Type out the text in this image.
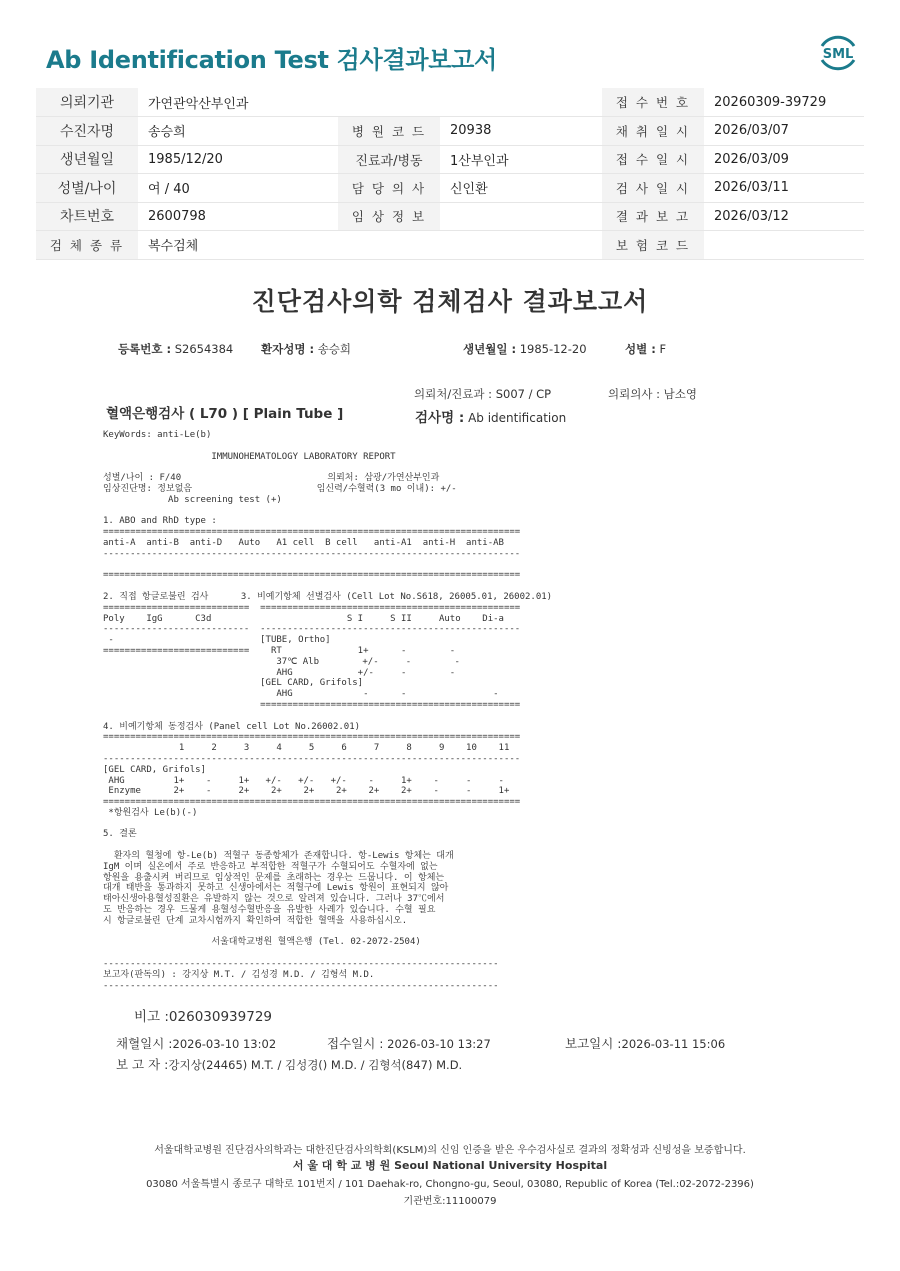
Ab Identification Test 검사결과보고서	SML
의뢰기관	가연관악산부인과			접 수 번 호	20260309-39729
수진자명	송승희	병 원 코 드	20938	채 취 일 시	2026/03/07
생년월일	1985/12/20	진료과/병동	1산부인과	접 수 일 시	2026/03/09
성별/나이	여 / 40	담 당 의 사	신인환	검 사 일 시	2026/03/11
차트번호	2600798	임 상 정 보		결 과 보 고	2026/03/12
검 체 종 류	복수검체			보 험 코 드	
진단검사의학 검체검사 결과보고서
등록번호 : S2654384 환자성명 : 송승희	생년월일 : 1985-12-20	성별 : F
의뢰처/진료과 : S007 / CP	의뢰의사 : 남소영
혈액은행검사 ( L70 ) [ Plain Tube ]	검사명 : Ab identification
KeyWords: anti-Le(b)

IMMUNOHEMATOLOGY LABORATORY REPORT

성별/나이 : F/40                           의뢰처: 삼광/가연산부인과
임상진단명: 정보없음                       임신력/수혈력(3 mo 이내): +/-
Ab screening test (+)

1. ABO and RhD type :
=============================================================================
anti-A  anti-B  anti-D   Auto   A1 cell  B cell   anti-A1  anti-H  anti-AB
-----------------------------------------------------------------------------

=============================================================================

2. 직접 항글로불린 검사      3. 비예기항체 선별검사 (Cell Lot No.S618, 26005.01, 26002.01)
===========================  ================================================
Poly    IgG      C3d                         S I     S II     Auto    Di-a
---------------------------  ------------------------------------------------
-                           [TUBE, Ortho]
===========================    RT              1+      -        -
37℃ Alb        +/-     -        -
AHG            +/-     -        -
[GEL CARD, Grifols]
AHG             -      -                -
================================================

4. 비예기항체 동정검사 (Panel cell Lot No.26002.01)
=============================================================================
1     2     3     4     5     6     7     8     9    10    11
-----------------------------------------------------------------------------
[GEL CARD, Grifols]
AHG         1+    -     1+   +/-   +/-   +/-    -     1+    -     -     -
Enzyme      2+    -     2+    2+    2+    2+    2+    2+    -     -     1+
=============================================================================
*항원검사 Le(b)(-)

5. 결론

환자의 혈청에 항-Le(b) 적혈구 동종항체가 존재합니다. 항-Lewis 항체는 대개
IgM 이며 실온에서 주로 반응하고 부적합한 적혈구가 수혈되어도 수혈자에 없는
항원을 용출시켜 버리므로 임상적인 문제를 초래하는 경우는 드뭅니다. 이 항체는
대개 태반을 통과하지 못하고 신생아에서는 적혈구에 Lewis 항원이 표현되지 않아
태아신생아용혈성질환은 유발하지 않는 것으로 알려져 있습니다. 그러나 37℃에서
도 반응하는 경우 드물게 용혈성수혈반응을 유발한 사례가 있습니다. 수혈 필요
시 항글로불린 단계 교차시험까지 확인하여 적합한 혈액을 사용하십시오.

서울대학교병원 혈액은행 (Tel. 02-2072-2504)

-------------------------------------------------------------------------
보고자(판독의) : 강지상 M.T. / 김성경 M.D. / 김형석 M.D.
-------------------------------------------------------------------------
비고 :026030939729
채혈일시 :2026-03-10 13:02	접수일시 : 2026-03-10 13:27	보고일시 :2026-03-11 15:06
보 고 자 :강지상(24465) M.T. / 김성경() M.D. / 김형석(847) M.D.
서울대학교병원 진단검사의학과는 대한진단검사의학회(KSLM)의 신임 인증을 받은 우수검사실로 결과의 정확성과 신빙성을 보증합니다.
서 울 대 학 교 병 원 Seoul National University Hospital
03080 서울특별시 종로구 대학로 101번지 / 101 Daehak-ro, Chongno-gu, Seoul, 03080, Republic of Korea (Tel.:02-2072-2396)
기관번호:11100079
